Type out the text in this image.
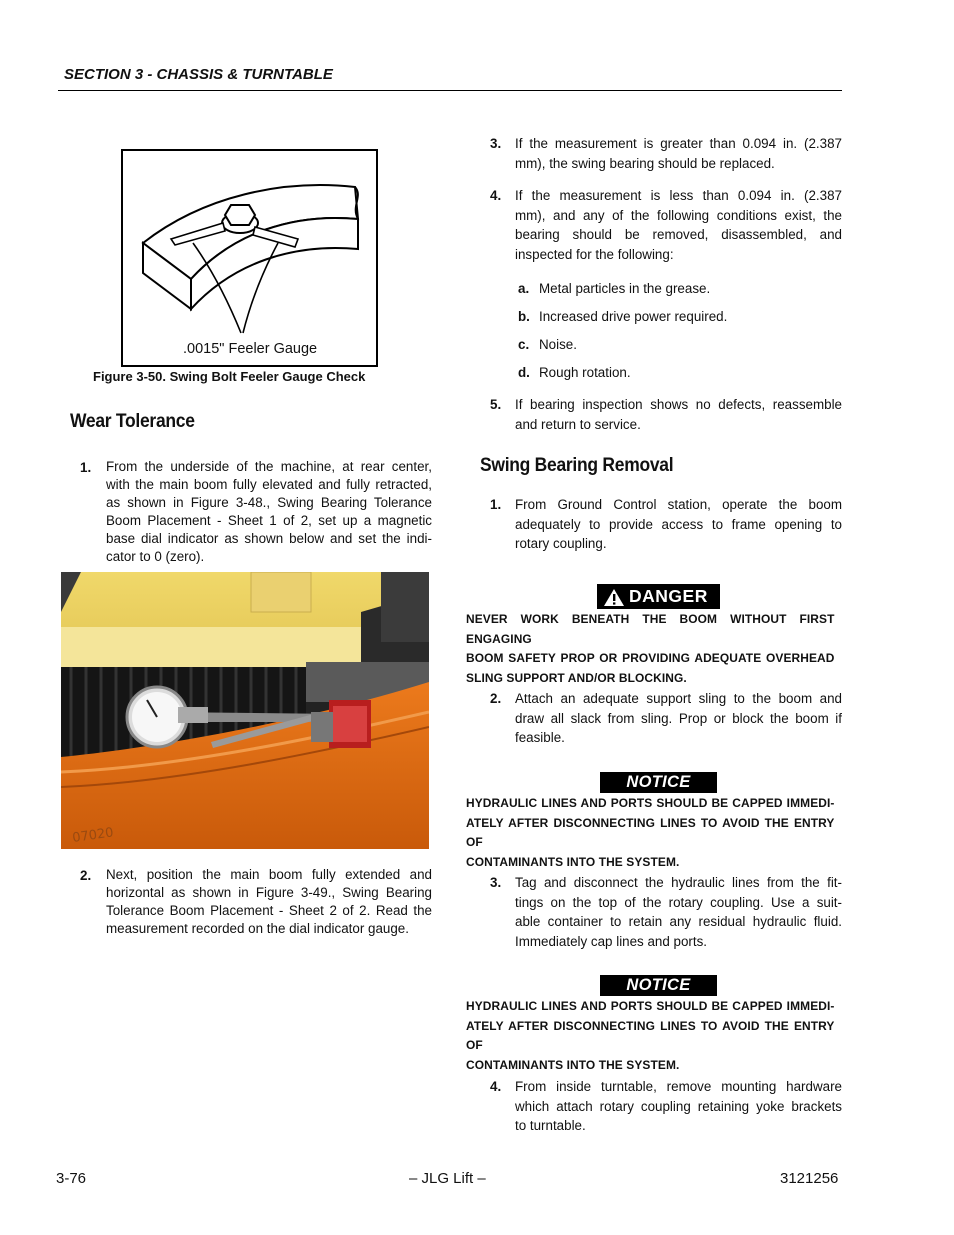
SECTION 3 - CHASSIS & TURNTABLE
.0015" Feeler Gauge
Figure 3-50. Swing Bolt Feeler Gauge Check
Wear Tolerance
1. From the underside of the machine, at rear center,
with the main boom fully elevated and fully retracted,
as shown in Figure 3-48., Swing Bearing Tolerance
Boom Placement - Sheet 1 of 2, set up a magnetic
base dial indicator as shown below and set the indi-
cator to 0 (zero).
07020
2. Next, position the main boom fully extended and
horizontal as shown in Figure 3-49., Swing Bearing
Tolerance Boom Placement - Sheet 2 of 2. Read the
measurement recorded on the dial indicator gauge.
3. If the measurement is greater than 0.094 in. (2.387
mm), the swing bearing should be replaced.
4. If the measurement is less than 0.094 in. (2.387
mm), and any of the following conditions exist, the
bearing should be removed, disassembled, and
inspected for the following:
a. Metal particles in the grease.
b. Increased drive power required.
c. Noise.
d. Rough rotation.
5. If bearing inspection shows no defects, reassemble
and return to service.
Swing Bearing Removal
1. From Ground Control station, operate the boom
adequately to provide access to frame opening to
rotary coupling.
DANGER
NEVER WORK BENEATH THE BOOM WITHOUT FIRST ENGAGING
BOOM SAFETY PROP OR PROVIDING ADEQUATE OVERHEAD
SLING SUPPORT AND/OR BLOCKING.
2. Attach an adequate support sling to the boom and
draw all slack from sling. Prop or block the boom if
feasible.
NOTICE
HYDRAULIC LINES AND PORTS SHOULD BE CAPPED IMMEDI-
ATELY AFTER DISCONNECTING LINES TO AVOID THE ENTRY OF
CONTAMINANTS INTO THE SYSTEM.
3. Tag and disconnect the hydraulic lines from the fit-
tings on the top of the rotary coupling. Use a suit-
able container to retain any residual hydraulic fluid.
Immediately cap lines and ports.
NOTICE
HYDRAULIC LINES AND PORTS SHOULD BE CAPPED IMMEDI-
ATELY AFTER DISCONNECTING LINES TO AVOID THE ENTRY OF
CONTAMINANTS INTO THE SYSTEM.
4. From inside turntable, remove mounting hardware
which attach rotary coupling retaining yoke brackets
to turntable.
3-76	– JLG Lift –	3121256
